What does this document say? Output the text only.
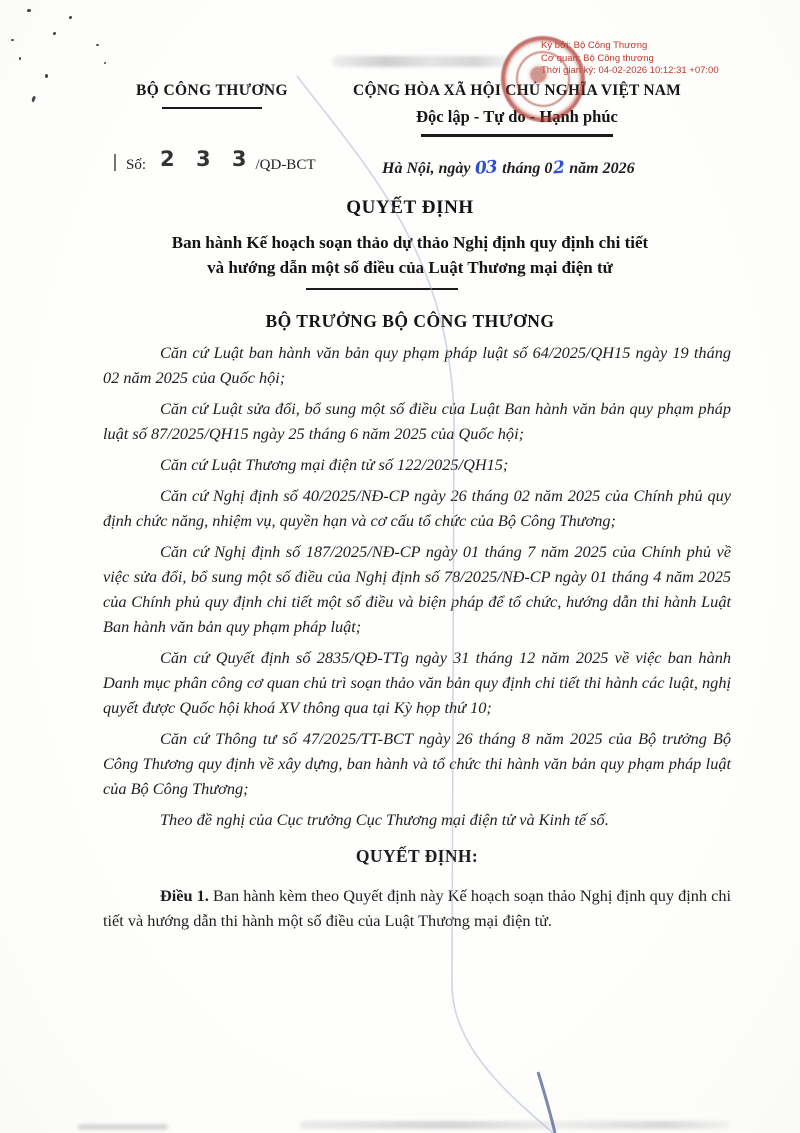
BỘ CÔNG THƯƠNG	CỘNG HÒA XÃ HỘI CHỦ NGHĨA VIỆT NAM
Độc lập - Tự do - Hạnh phúc
Ký bởi: Bộ Công Thương
Cơ quan: Bộ Công thương
Thời gian ký: 04-02-2026 10:12:31 +07:00
Số: 2 3 3 /QD-BCT	Hà Nội, ngày 03 tháng 02 năm 2026
QUYẾT ĐỊNH
Ban hành Kế hoạch soạn thảo dự thảo Nghị định quy định chi tiết
và hướng dẫn một số điều của Luật Thương mại điện tử
BỘ TRƯỞNG BỘ CÔNG THƯƠNG

Căn cứ Luật ban hành văn bản quy phạm pháp luật số 64/2025/QH15 ngày 19 tháng 02 năm 2025 của Quốc hội;

Căn cứ Luật sửa đổi, bổ sung một số điều của Luật Ban hành văn bản quy phạm pháp luật số 87/2025/QH15 ngày 25 tháng 6 năm 2025 của Quốc hội;

Căn cứ Luật Thương mại điện tử số 122/2025/QH15;

Căn cứ Nghị định số 40/2025/NĐ-CP ngày 26 tháng 02 năm 2025 của Chính phủ quy định chức năng, nhiệm vụ, quyền hạn và cơ cấu tổ chức của Bộ Công Thương;

Căn cứ Nghị định số 187/2025/NĐ-CP ngày 01 tháng 7 năm 2025 của Chính phủ về việc sửa đổi, bổ sung một số điều của Nghị định số 78/2025/NĐ-CP ngày 01 tháng 4 năm 2025 của Chính phủ quy định chi tiết một số điều và biện pháp để tổ chức, hướng dẫn thi hành Luật Ban hành văn bản quy phạm pháp luật;

Căn cứ Quyết định số 2835/QĐ-TTg ngày 31 tháng 12 năm 2025 về việc ban hành Danh mục phân công cơ quan chủ trì soạn thảo văn bản quy định chi tiết thi hành các luật, nghị quyết được Quốc hội khoá XV thông qua tại Kỳ họp thứ 10;

Căn cứ Thông tư số 47/2025/TT-BCT ngày 26 tháng 8 năm 2025 của Bộ trưởng Bộ Công Thương quy định về xây dựng, ban hành và tổ chức thi hành văn bản quy phạm pháp luật của Bộ Công Thương;

Theo đề nghị của Cục trưởng Cục Thương mại điện tử và Kinh tế số.

QUYẾT ĐỊNH:

Điều 1. Ban hành kèm theo Quyết định này Kế hoạch soạn thảo Nghị định quy định chi tiết và hướng dẫn thi hành một số điều của Luật Thương mại điện tử.
